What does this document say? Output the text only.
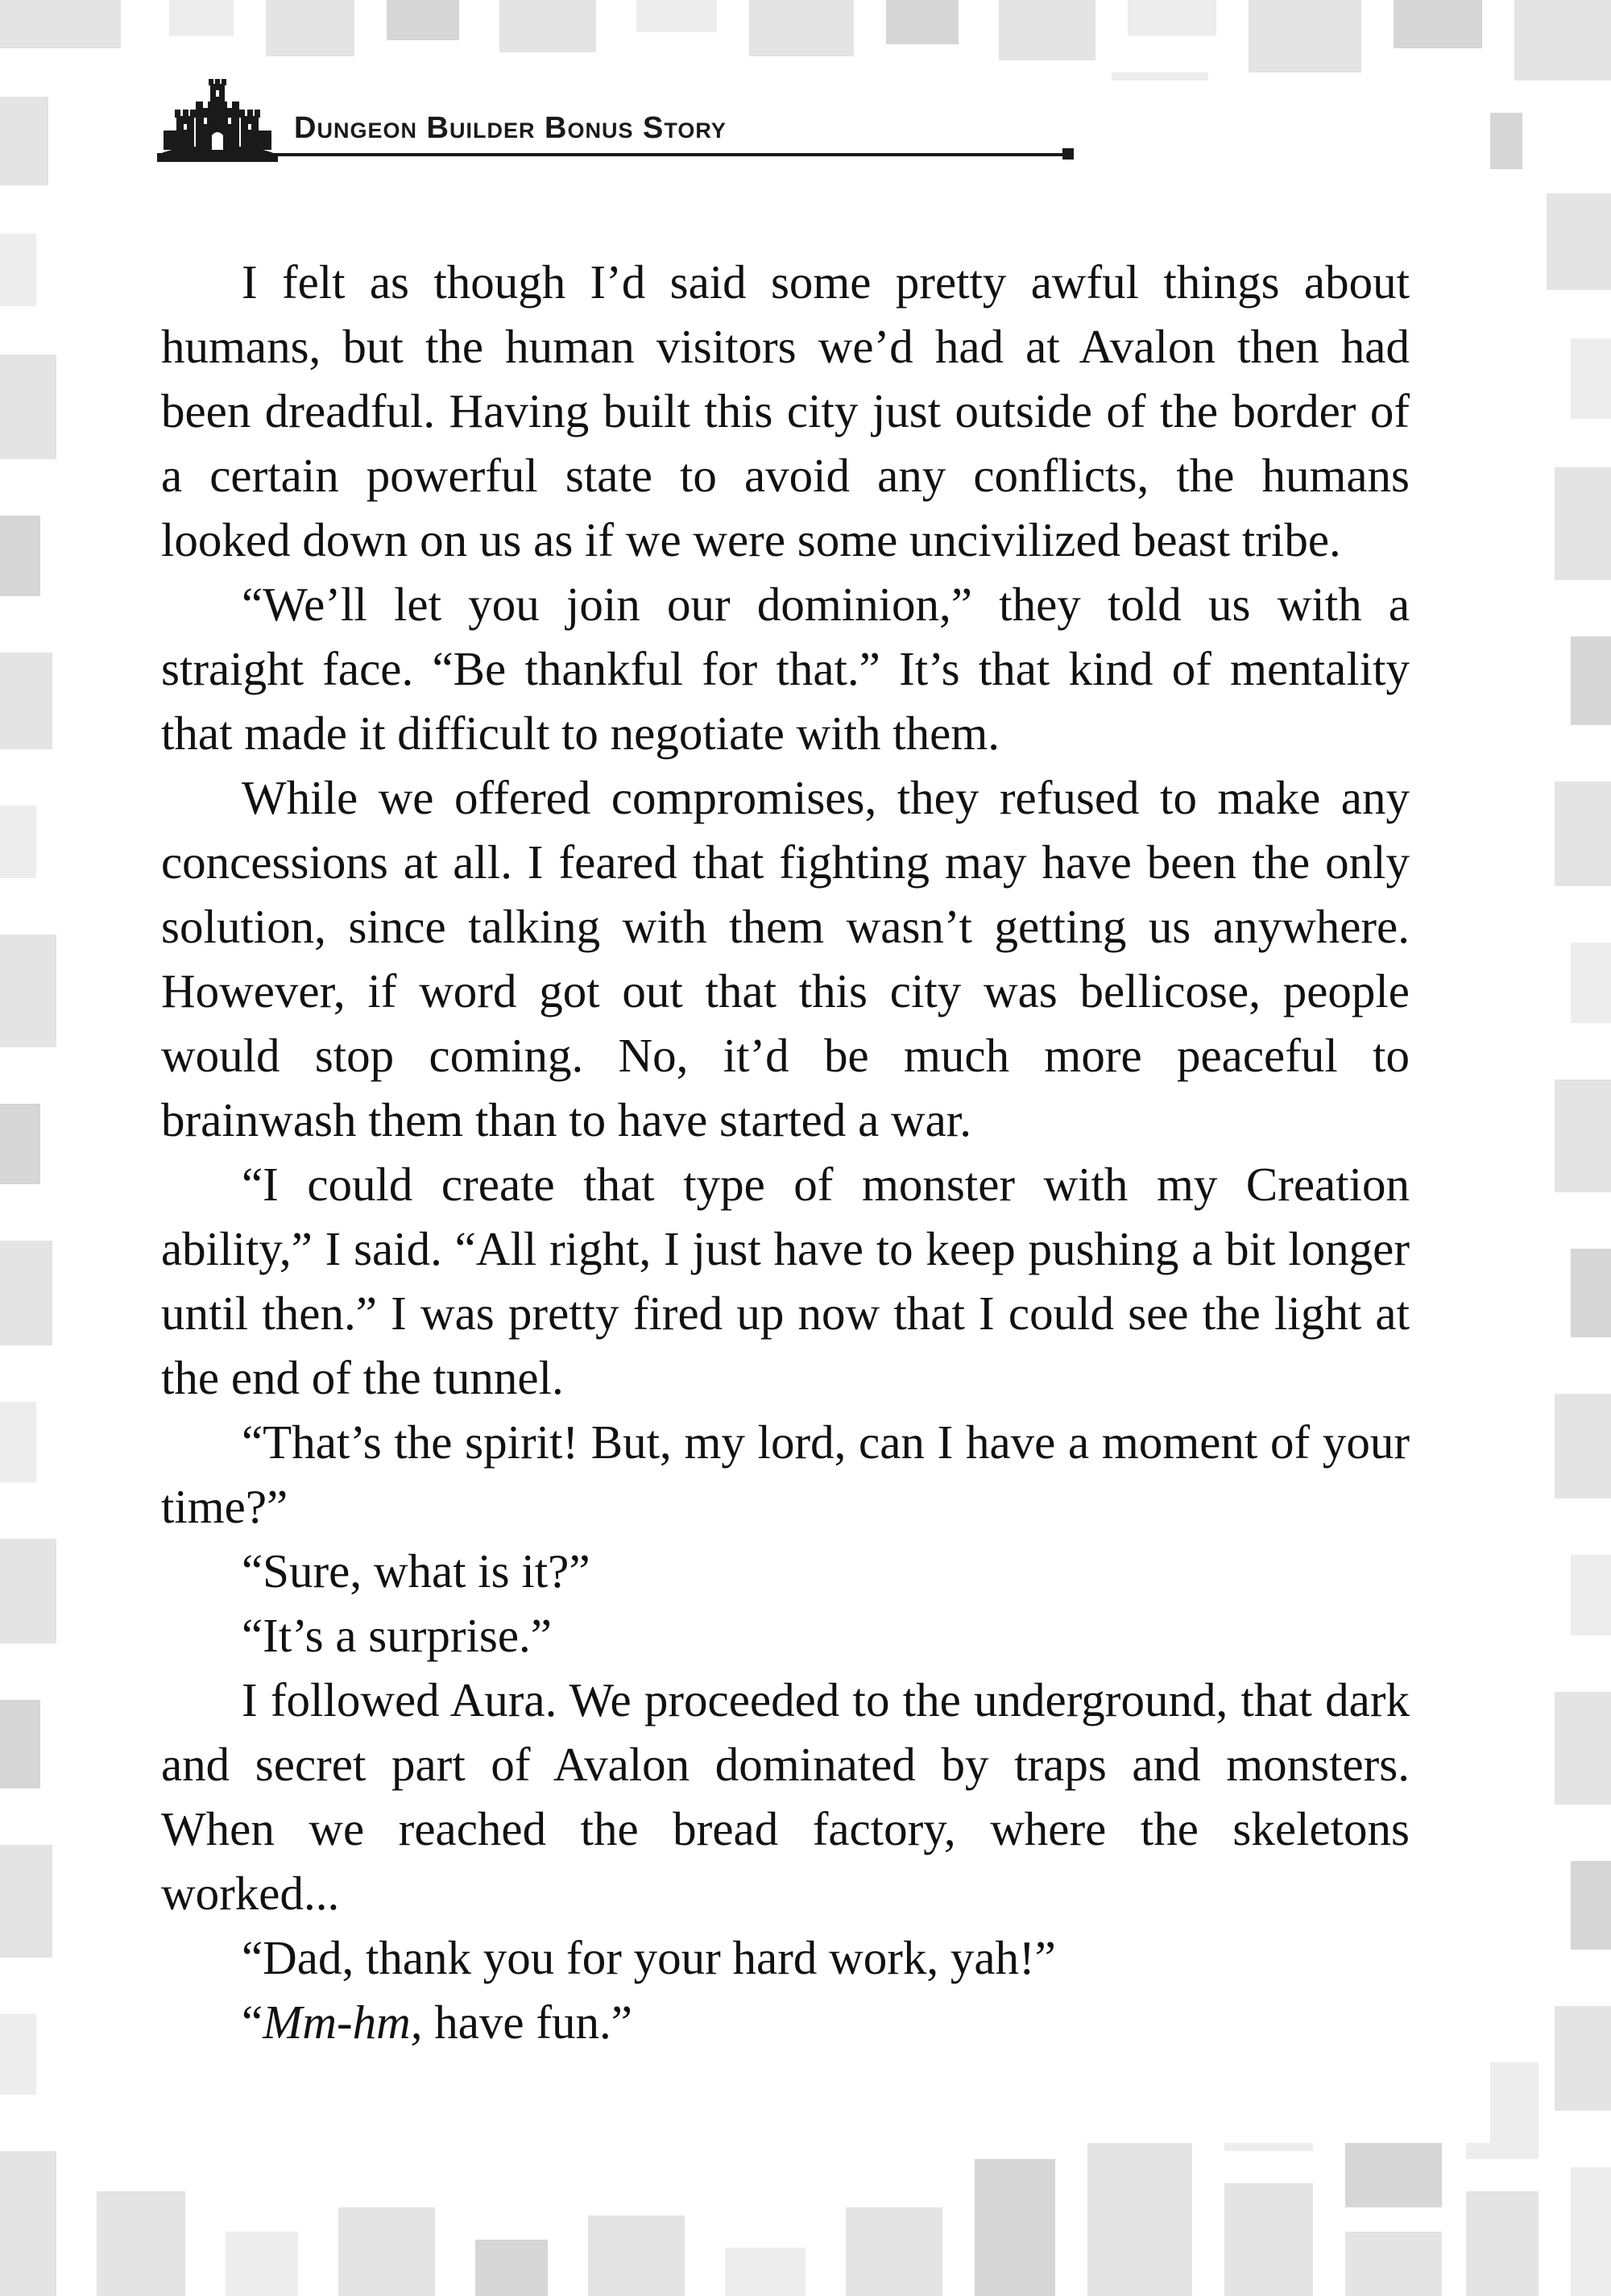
Dungeon Builder Bonus Story

I felt as though I’d said some pretty awful things about humans, but the human visitors we’d had at Avalon then had been dreadful. Having built this city just outside of the border of a certain powerful state to avoid any conflicts, the humans looked down on us as if we were some uncivilized beast tribe.

“We’ll let you join our dominion,” they told us with a straight face. “Be thankful for that.” It’s that kind of mentality that made it difficult to negotiate with them.

While we offered compromises, they refused to make any concessions at all. I feared that fighting may have been the only solution, since talking with them wasn’t getting us anywhere. However, if word got out that this city was bellicose, people would stop coming. No, it’d be much more peaceful to brainwash them than to have started a war.

“I could create that type of monster with my Creation ability,” I said. “All right, I just have to keep pushing a bit longer until then.” I was pretty fired up now that I could see the light at the end of the tunnel.

“That’s the spirit! But, my lord, can I have a moment of your time?”

“Sure, what is it?”

“It’s a surprise.”

I followed Aura. We proceeded to the underground, that dark and secret part of Avalon dominated by traps and monsters. When we reached the bread factory, where the skeletons worked...

“Dad, thank you for your hard work, yah!”

“Mm-hm, have fun.”
